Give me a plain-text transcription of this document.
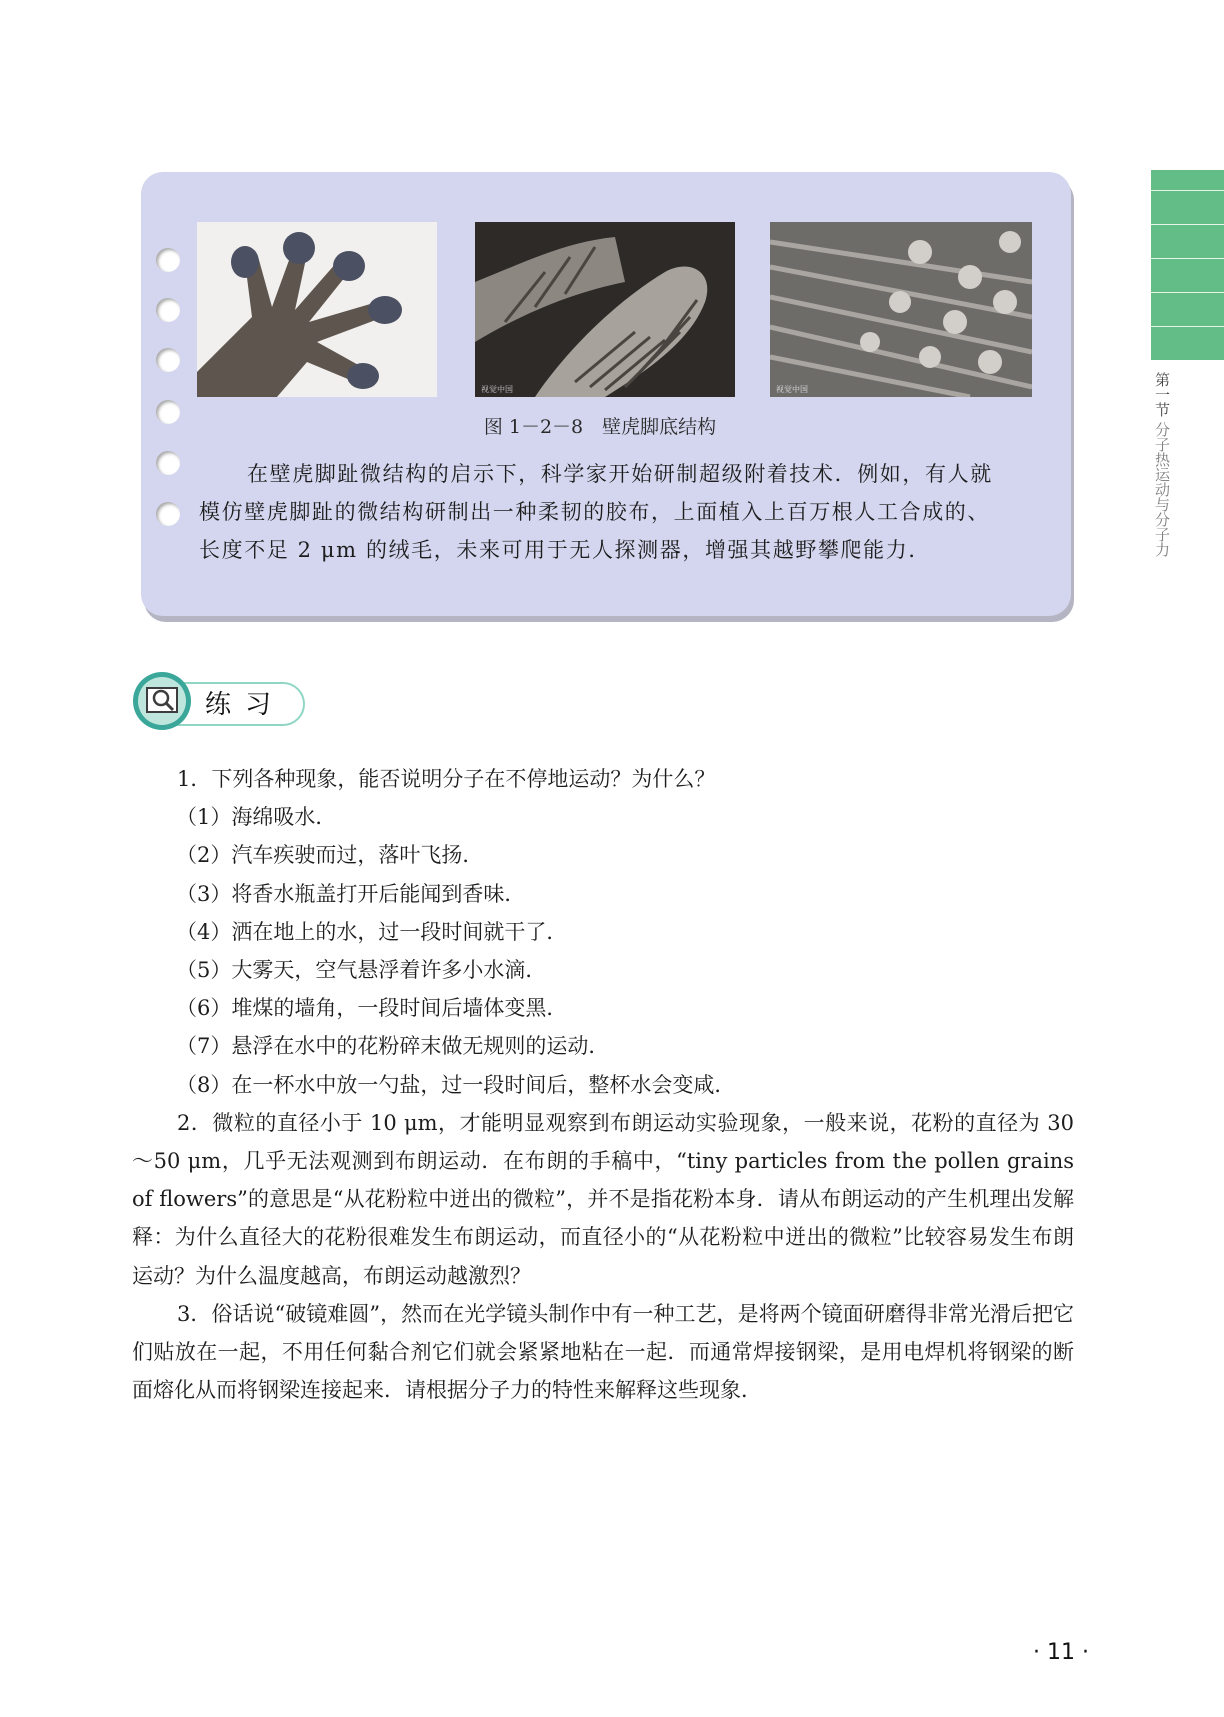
第一节 分子热运动与分子力
视觉中国	视觉中国
图 1－2－8　壁虎脚底结构

在壁虎脚趾微结构的启示下，科学家开始研制超级附着技术．例如，有人就

模仿壁虎脚趾的微结构研制出一种柔韧的胶布，上面植入上百万根人工合成的、

长度不足 2 μm 的绒毛，未来可用于无人探测器，增强其越野攀爬能力．

练习

1．下列各种现象，能否说明分子在不停地运动？为什么？

（1）海绵吸水．

（2）汽车疾驶而过，落叶飞扬．

（3）将香水瓶盖打开后能闻到香味．

（4）洒在地上的水，过一段时间就干了．

（5）大雾天，空气悬浮着许多小水滴．

（6）堆煤的墙角，一段时间后墙体变黑．

（7）悬浮在水中的花粉碎末做无规则的运动．

（8）在一杯水中放一勺盐，过一段时间后，整杯水会变咸．

2．微粒的直径小于 10 μm，才能明显观察到布朗运动实验现象，一般来说，花粉的直径为 30～50 μm，几乎无法观测到布朗运动．在布朗的手稿中，“tiny particles from the pollen grains of flowers”的意思是“从花粉粒中迸出的微粒”，并不是指花粉本身．请从布朗运动的产生机理出发解释：为什么直径大的花粉很难发生布朗运动，而直径小的“从花粉粒中迸出的微粒”比较容易发生布朗运动？为什么温度越高，布朗运动越激烈？

3．俗话说“破镜难圆”，然而在光学镜头制作中有一种工艺，是将两个镜面研磨得非常光滑后把它们贴放在一起，不用任何黏合剂它们就会紧紧地粘在一起．而通常焊接钢梁，是用电焊机将钢梁的断面熔化从而将钢梁连接起来．请根据分子力的特性来解释这些现象．

· 11 ·
